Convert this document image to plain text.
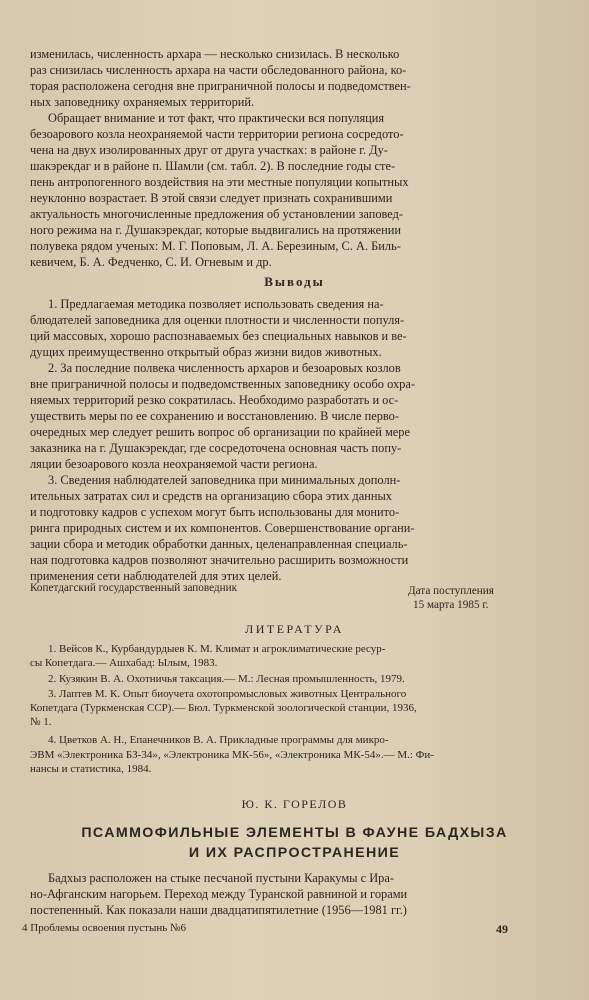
изменилась, численность архара — несколько снизилась. В несколько
раз снизилась численность архара на части обследованного района, ко-
торая расположена сегодня вне пригpаничной полосы и подведомствен-
ных заповеднику охраняемых территорий.
Обращает внимание и тот факт, что практически вся популяция
безоарового козла неохраняемой части территории региона сосредото-
чена на двух изолированных друг от друга участках: в районе г. Ду-
шакэрекдаг и в районе п. Шамли (см. табл. 2). В последние годы сте-
пень антропогенного воздействия на эти местные популяции копытных
неуклонно возрастает. В этой связи следует признать сохранившими
актуальность многочисленные предложения об установлении заповед-
ного режима на г. Душакэрекдаг, которые выдвигались на протяжении
полувека рядом ученых: М. Г. Поповым, Л. А. Березиным, С. А. Биль-
кевичем, Б. А. Федченко, С. И. Огневым и др.
Выводы
1. Предлагаемая методика позволяет использовать сведения на-
блюдателей заповедника для оценки плотности и численности популя-
ций массовых, хорошо распознаваемых без специальных навыков и ве-
дущих преимущественно открытый образ жизни видов животных.
2. За последние полвека численность архаров и безоаровых козлов
вне пригpаничной полосы и подведомственных заповеднику особо охра-
няемых территорий резко сократилась. Необходимо разработать и ос-
уществить меры по ее сохранению и восстановлению. В числе перво-
очередных мер следует решить вопрос об организации по крайней мере
заказника на г. Душакэрекдаг, где сосредоточена основная часть попу-
ляции безоарового козла неохраняемой части региона.
3. Сведения наблюдателей заповедника при минимальных дополн-
ительных затратах сил и средств на организацию сбора этих данных
и подготовку кадров с успехом могут быть использованы для монито-
ринга природных систем и их компонентов. Совершенствование органи-
зации сбора и методик обработки данных, целенаправленная специаль-
ная подготовка кадров позволяют значительно расширить возможности
применения сети наблюдателей для этих целей.
Копетдагский государственный заповедник	Дата поступления
15 марта 1985 г.
ЛИТЕРАТУРА
1. Вейсов К., Курбандурдыев К. М. Климат и агроклиматические ресур-
сы Копетдага.— Ашхабад: Ылым, 1983.
2. Кузякин В. А. Охотничья таксация.— М.: Лесная промышленность, 1979.
3. Лаптев М. К. Опыт биоучета охотопромысловых животных Центрального
Копетдага (Туркменская ССР).— Бюл. Туркменской зоологической станции, 1936,
№ 1.
4. Цветков А. Н., Епанечников В. А. Прикладные программы для микро-
ЭВМ «Электроника БЗ-34», «Электроника МК-56», «Электроника МК-54».— М.: Фи-
нансы и статистика, 1984.
Ю. К. ГОРЕЛОВ
ПСАММОФИЛЬНЫЕ ЭЛЕМЕНТЫ В ФАУНЕ БАДХЫЗА
И ИХ РАСПРОСТРАНЕНИЕ
Бадхыз расположен на стыке песчаной пустыни Каракумы с Ира-
но-Афганским нагорьем. Переход между Туранской равниной и горами
постепенный. Как показали наши двадцатипятилетние (1956—1981 гг.)
4 Проблемы освоения пустынь №6	49
